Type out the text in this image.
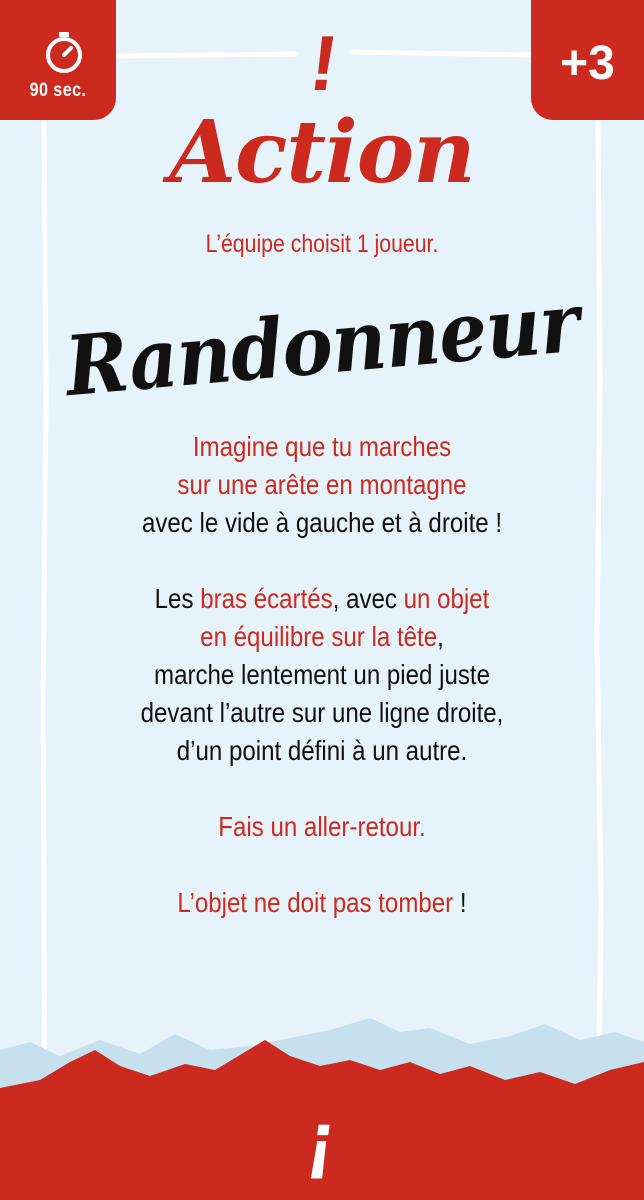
90 sec.
+3
!
Action
L’équipe choisit 1 joueur.
Randonneur
Imagine que tu marches
sur une arête en montagne
avec le vide à gauche et à droite !
Les bras écartés, avec un objet
en équilibre sur la tête,
marche lentement un pied juste
devant l’autre sur une ligne droite,
d’un point défini à un autre.
Fais un aller-retour.
L’objet ne doit pas tomber !
¡
